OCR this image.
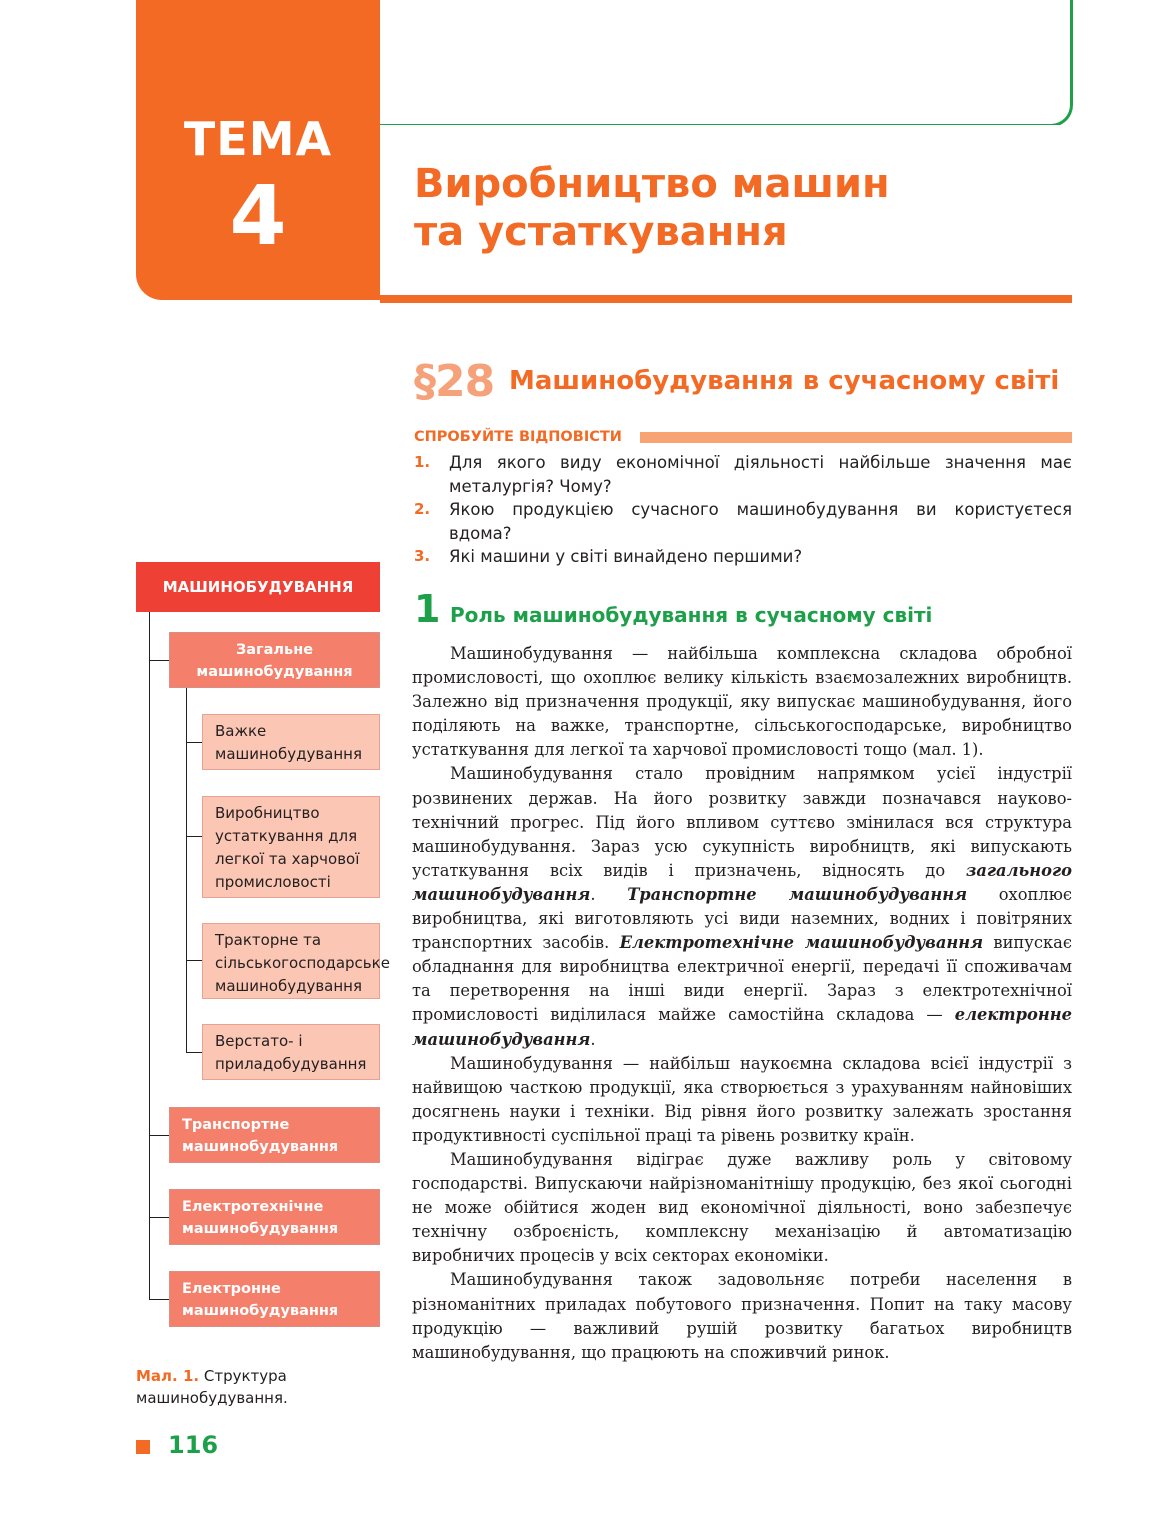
ТЕМА
4	Виробництво машин
та устаткування
§28 Машинобудування в сучасному світі
СПРОБУЙТЕ ВІДПОВІСТИ
1. Для якого виду економічної діяльності найбільше значення має металургія? Чому?
2. Якою продукцією сучасного машинобудування ви користуєтеся вдома?
3. Які машини у світі винайдено першими?
1 Роль машинобудування в сучасному світі

Машинобудування — найбільша комплексна складова обробної промисловості, що охоплює велику кількість взаємозалежних виробництв. Залежно від призначення продукції, яку випускає машинобудування, його поділяють на важке, транспортне, сільськогосподарське, виробництво устаткування для легкої та харчової промисловості тощо (мал. 1).

Машинобудування стало провідним напрямком усієї індустрії розвинених держав. На його розвитку завжди позначався науково-технічний прогрес. Під його впливом суттєво змінилася вся структура машинобудування. Зараз усю сукупність виробництв, які випускають устаткування всіх видів і призначень, відносять до загального машинобудування. Транспортне машинобудування охоплює виробництва, які виготовляють усі види наземних, водних і повітряних транспортних засобів. Електротехнічне машинобудування випускає обладнання для виробництва електричної енергії, передачі її споживачам та перетворення на інші види енергії. Зараз з електротехнічної промисловості виділилася майже самостійна складова — електронне машинобудування.

Машинобудування — найбільш наукоємна складова всієї індустрії з найвищою часткою продукції, яка створюється з урахуванням найновіших досягнень науки і техніки. Від рівня його розвитку залежать зростання продуктивності суспільної праці та рівень розвитку країн.

Машинобудування відіграє дуже важливу роль у світовому господарстві. Випускаючи найрізноманітнішу продукцію, без якої сьогодні не може обійтися жоден вид економічної діяльності, воно забезпечує технічну озброєність, комплексну механізацію й автоматизацію виробничих процесів у всіх секторах економіки.

Машинобудування також задовольняє потреби населення в різноманітних приладах побутового призначення. Попит на таку масову продукцію — важливий рушій розвитку багатьох виробництв машинобудування, що працюють на споживчий ринок.

МАШИНОБУДУВАННЯ
Загальне машинобудування
Важке машинобудування
Виробництво устаткування для легкої та харчової промисловості
Тракторне та сільськогосподарське машинобудування
Верстато- і приладобудування
Транспортне машинобудування
Електротехнічне машинобудування
Електронне машинобудування
Мал. 1. Структура машинобудування.
116
